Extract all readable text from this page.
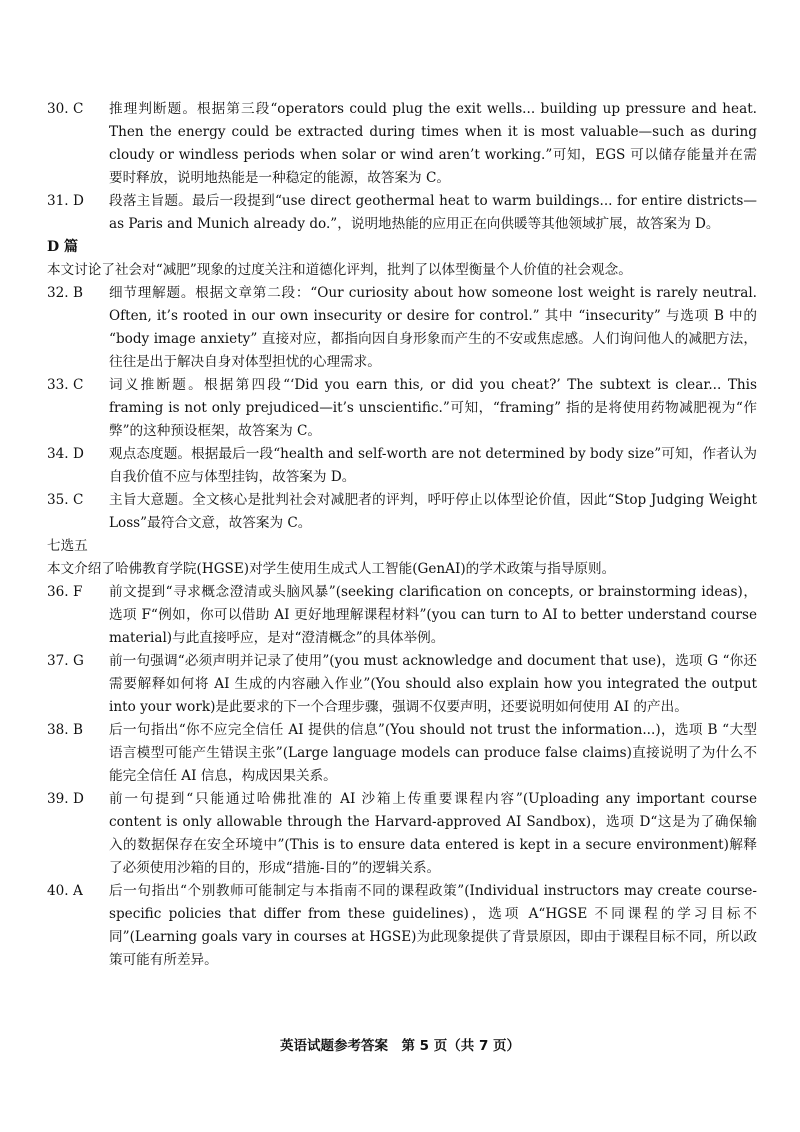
30. C	推理判断题。根据第三段“operators could plug the exit wells... building up pressure and heat. Then the energy could be extracted during times when it is most valuable—such as during cloudy or windless periods when solar or wind aren’t working.”可知，EGS 可以储存能量并在需要时释放，说明地热能是一种稳定的能源，故答案为 C。
31. D	段落主旨题。最后一段提到“use direct geothermal heat to warm buildings... for entire districts—as Paris and Munich already do.”，说明地热能的应用正在向供暖等其他领域扩展，故答案为 D。
D 篇
本文讨论了社会对“减肥”现象的过度关注和道德化评判，批判了以体型衡量个人价值的社会观念。
32. B	细节理解题。根据文章第二段：“Our curiosity about how someone lost weight is rarely neutral. Often, it’s rooted in our own insecurity or desire for control.” 其中 “insecurity” 与选项 B 中的 “body image anxiety” 直接对应，都指向因自身形象而产生的不安或焦虑感。人们询问他人的减肥方法，往往是出于解决自身对体型担忧的心理需求。
33. C	词义推断题。根据第四段“‘Did you earn this, or did you cheat?’ The subtext is clear... This framing is not only prejudiced—it’s unscientific.”可知，“framing” 指的是将使用药物减肥视为“作弊”的这种预设框架，故答案为 C。
34. D	观点态度题。根据最后一段“health and self-worth are not determined by body size”可知，作者认为自我价值不应与体型挂钩，故答案为 D。
35. C	主旨大意题。全文核心是批判社会对减肥者的评判，呼吁停止以体型论价值，因此“Stop Judging Weight Loss”最符合文意，故答案为 C。
七选五
本文介绍了哈佛教育学院(HGSE)对学生使用生成式人工智能(GenAI)的学术政策与指导原则。
36. F	前文提到“寻求概念澄清或头脑风暴”(seeking clarification on concepts, or brainstorming ideas)，选项 F“例如，你可以借助 AI 更好地理解课程材料”(you can turn to AI to better understand course material)与此直接呼应，是对“澄清概念”的具体举例。
37. G	前一句强调“必须声明并记录了使用”(you must acknowledge and document that use)，选项 G “你还需要解释如何将 AI 生成的内容融入作业”(You should also explain how you integrated the output into your work)是此要求的下一个合理步骤，强调不仅要声明，还要说明如何使用 AI 的产出。
38. B	后一句指出“你不应完全信任 AI 提供的信息”(You should not trust the information...)，选项 B “大型语言模型可能产生错误主张”(Large language models can produce false claims)直接说明了为什么不能完全信任 AI 信息，构成因果关系。
39. D	前一句提到“只能通过哈佛批准的 AI 沙箱上传重要课程内容”(Uploading any important course content is only allowable through the Harvard-approved AI Sandbox)，选项 D“这是为了确保输入的数据保存在安全环境中”(This is to ensure data entered is kept in a secure environment)解释了必须使用沙箱的目的，形成“措施-目的”的逻辑关系。
40. A	后一句指出“个别教师可能制定与本指南不同的课程政策”(Individual instructors may create course-specific policies that differ from these guidelines)，选项 A“HGSE 不同课程的学习目标不同”(Learning goals vary in courses at HGSE)为此现象提供了背景原因，即由于课程目标不同，所以政策可能有所差异。
英语试题参考答案　第 5 页（共 7 页）
